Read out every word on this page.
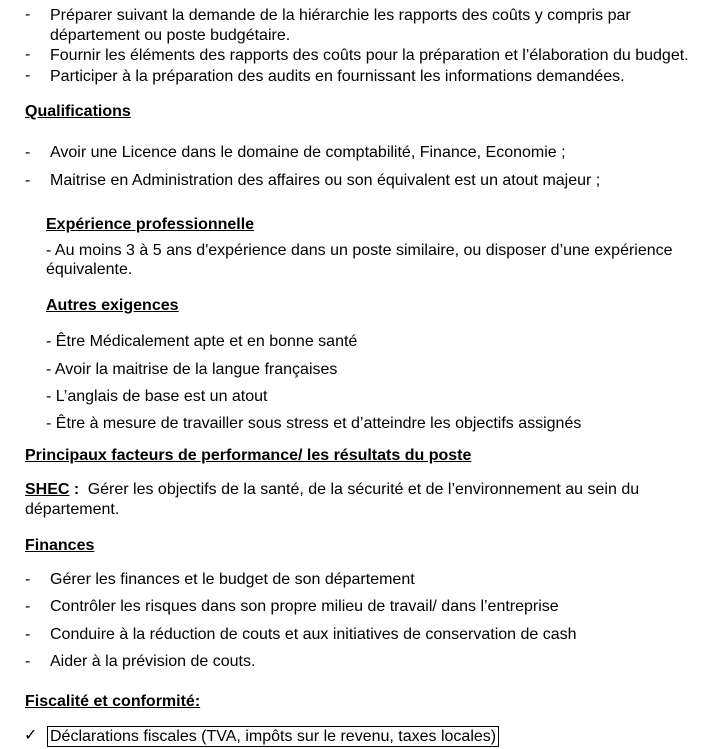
- Préparer suivant la demande de la hiérarchie les rapports des coûts y compris par
département ou poste budgétaire.
- Fournir les éléments des rapports des coûts pour la préparation et l’élaboration du budget.
- Participer à la préparation des audits en fournissant les informations demandées.
Qualifications
- Avoir une Licence dans le domaine de comptabilité, Finance, Economie ;
- Maitrise en Administration des affaires ou son équivalent est un atout majeur ;
Expérience professionnelle
- Au moins 3 à 5 ans d'expérience dans un poste similaire, ou disposer d’une expérience
équivalente.
Autres exigences
- Être Médicalement apte et en bonne santé
- Avoir la maitrise de la langue françaises
- L’anglais de base est un atout
- Être à mesure de travailler sous stress et d’atteindre les objectifs assignés
Principaux facteurs de performance/ les résultats du poste
SHEC : Gérer les objectifs de la santé, de la sécurité et de l’environnement au sein du
département.
Finances
- Gérer les finances et le budget de son département
- Contrôler les risques dans son propre milieu de travail/ dans l’entreprise
- Conduire à la réduction de couts et aux initiatives de conservation de cash
- Aider à la prévision de couts.
Fiscalité et conformité:
✓ Déclarations fiscales (TVA, impôts sur le revenu, taxes locales)
